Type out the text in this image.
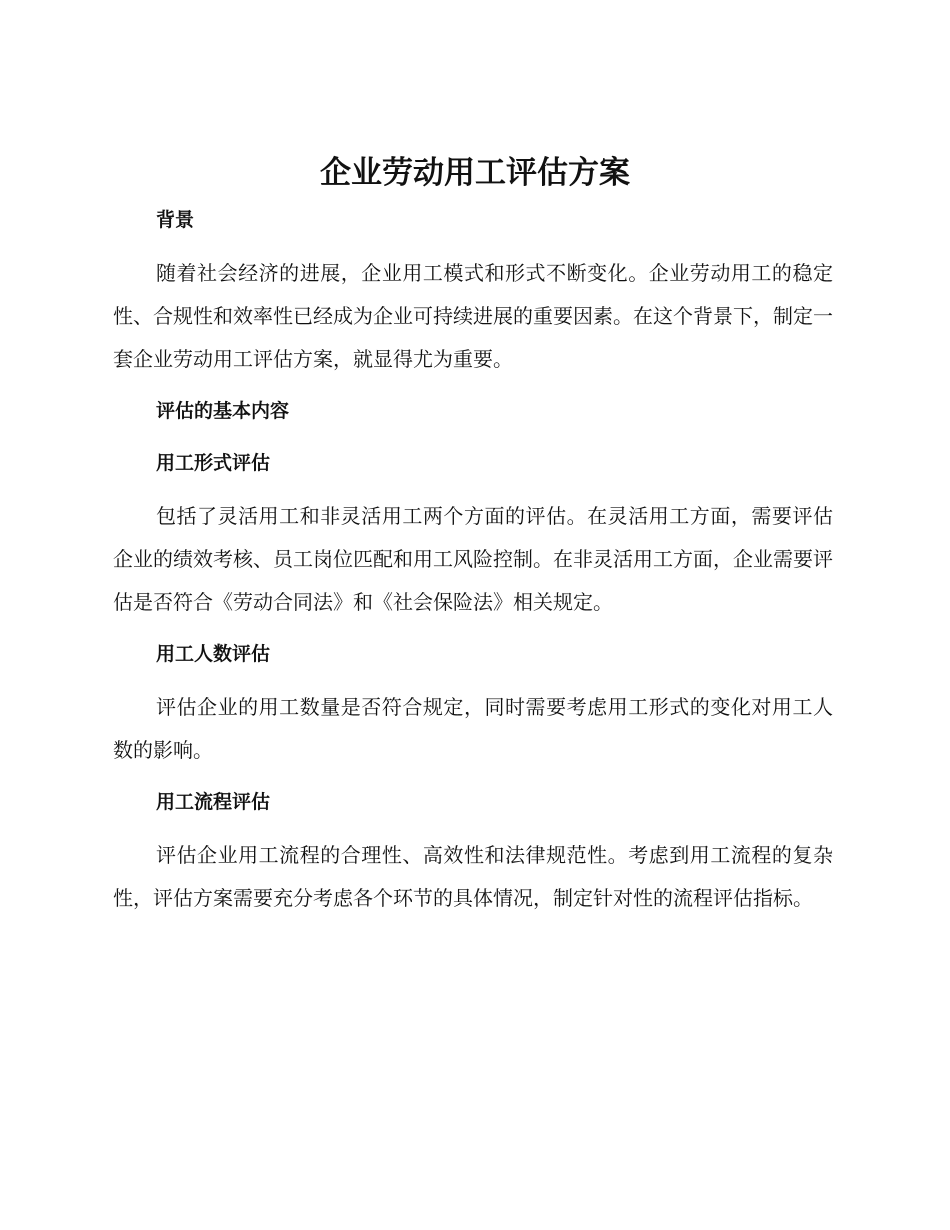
企业劳动用工评估方案
背景

随着社会经济的进展，企业用工模式和形式不断变化。企业劳动用工的稳定性、合规性和效率性已经成为企业可持续进展的重要因素。在这个背景下，制定一套企业劳动用工评估方案，就显得尤为重要。

评估的基本内容
用工形式评估

包括了灵活用工和非灵活用工两个方面的评估。在灵活用工方面，需要评估企业的绩效考核、员工岗位匹配和用工风险控制。在非灵活用工方面，企业需要评估是否符合《劳动合同法》和《社会保险法》相关规定。

用工人数评估

评估企业的用工数量是否符合规定，同时需要考虑用工形式的变化对用工人数的影响。

用工流程评估

评估企业用工流程的合理性、高效性和法律规范性。考虑到用工流程的复杂性，评估方案需要充分考虑各个环节的具体情况，制定针对性的流程评估指标。
